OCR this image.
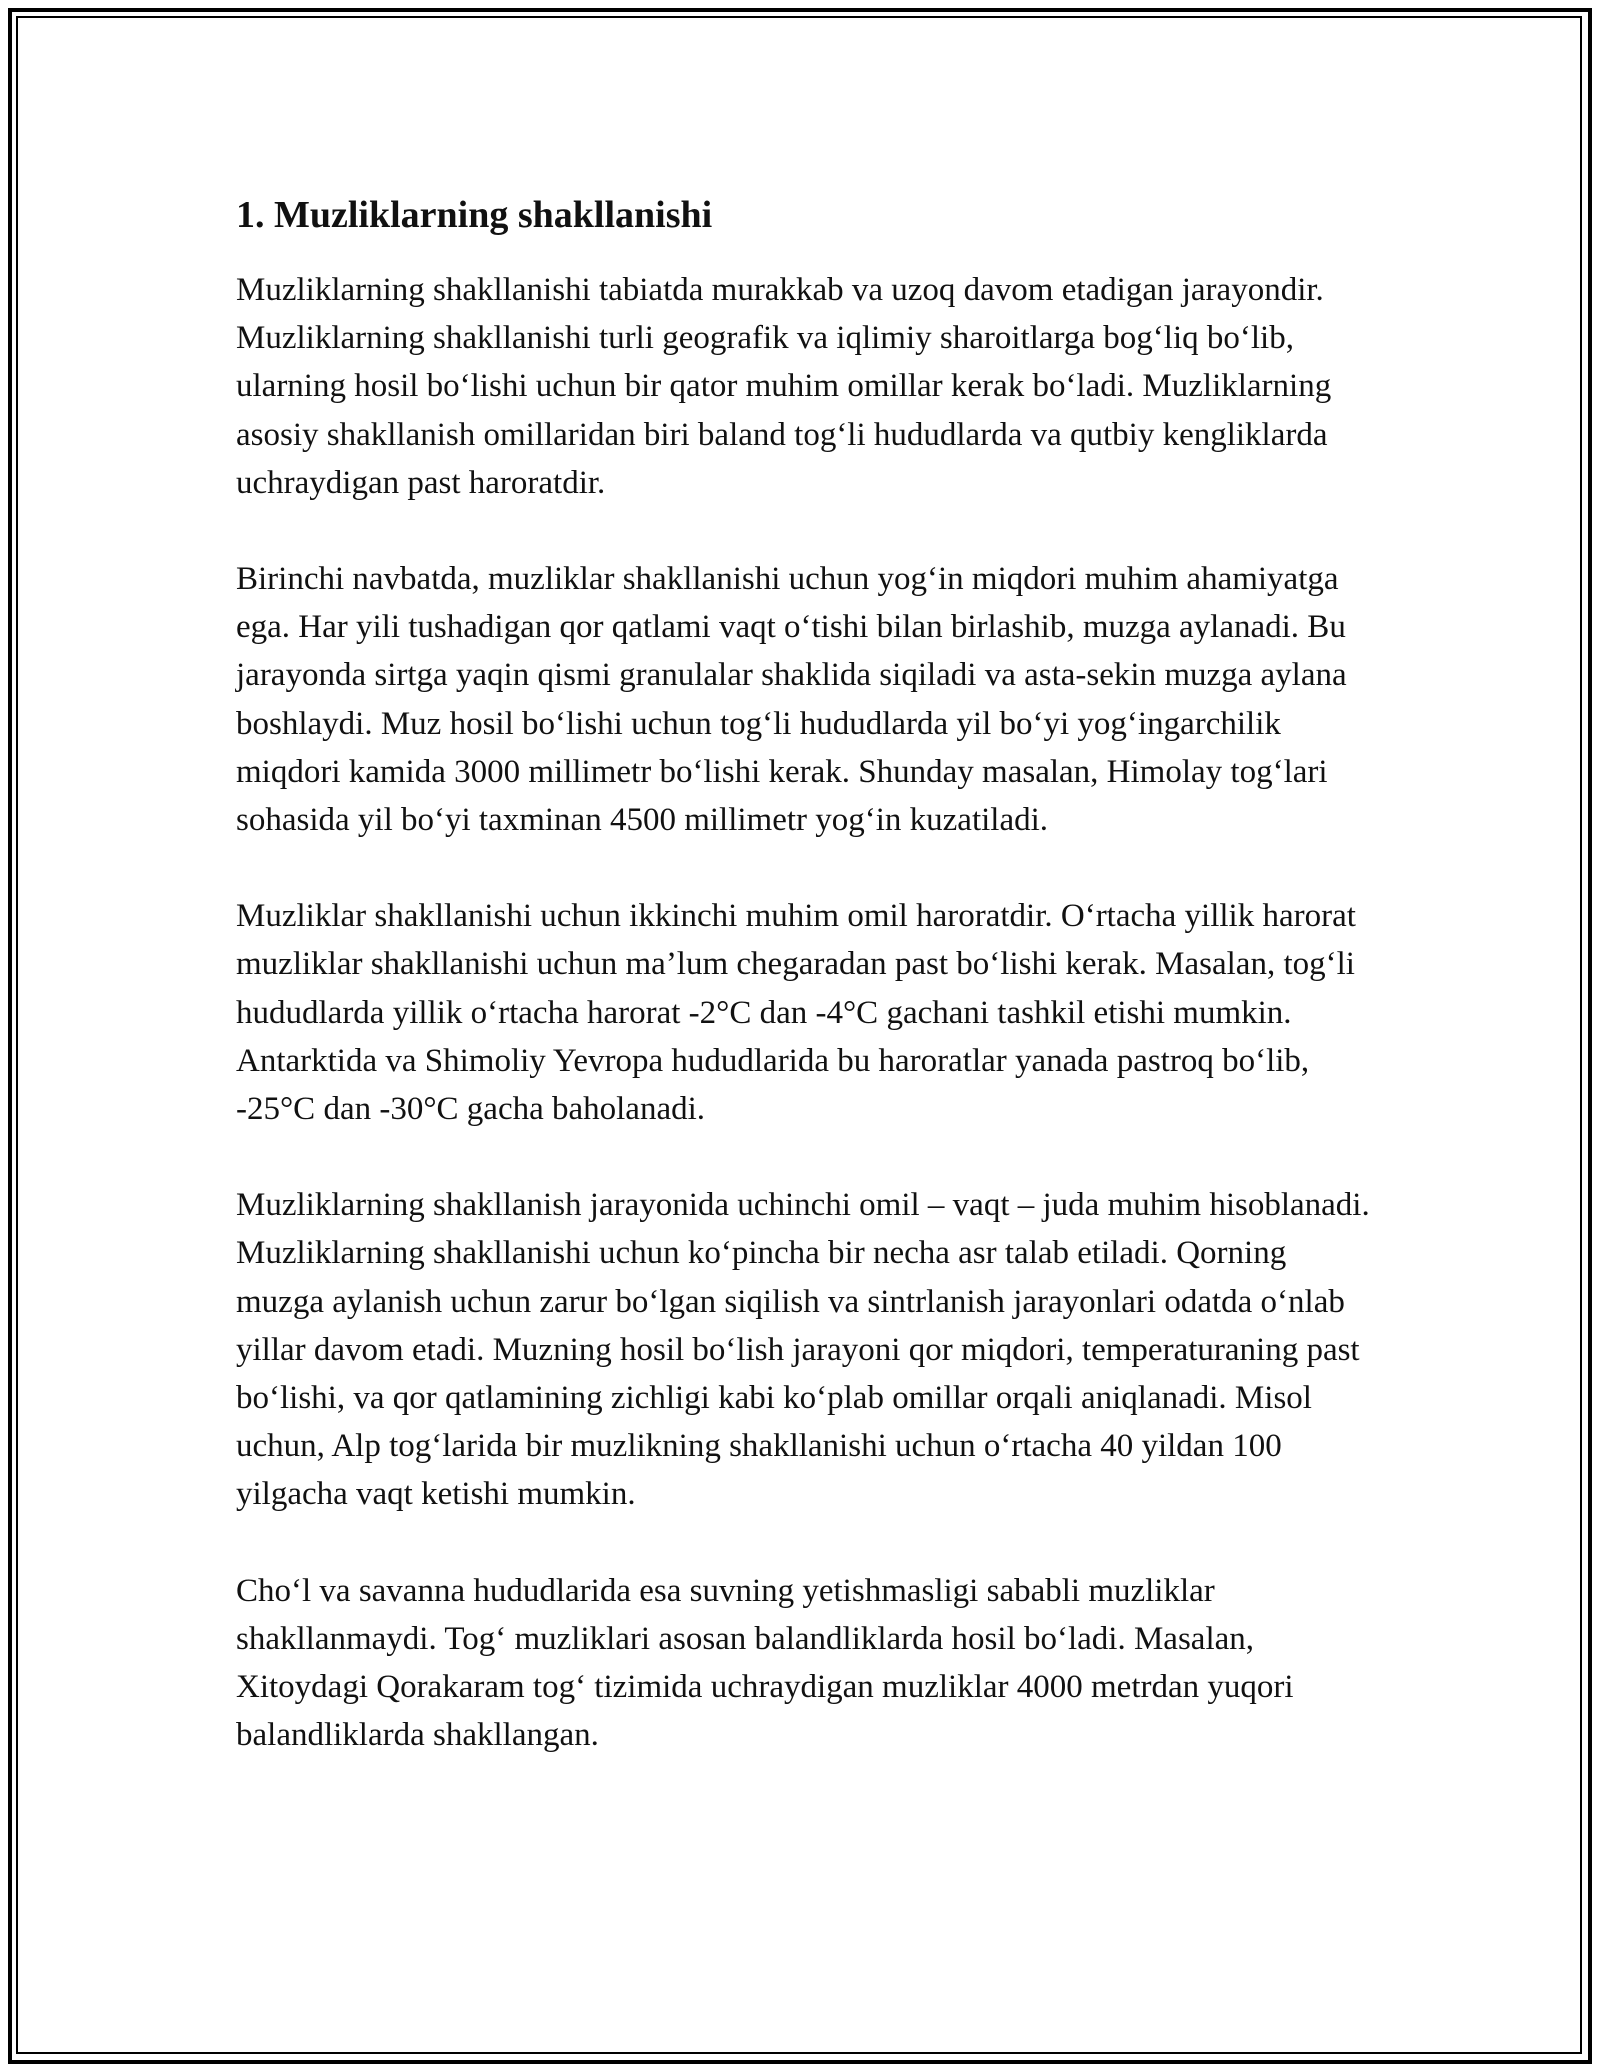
1. Muzliklarning shakllanishi

Muzliklarning shakllanishi tabiatda murakkab va uzoq davom etadigan jarayondir. Muzliklarning shakllanishi turli geografik va iqlimiy sharoitlarga bog‘liq bo‘lib, ularning hosil bo‘lishi uchun bir qator muhim omillar kerak bo‘ladi. Muzliklarning asosiy shakllanish omillaridan biri baland tog‘li hududlarda va qutbiy kengliklarda uchraydigan past haroratdir.

Birinchi navbatda, muzliklar shakllanishi uchun yog‘in miqdori muhim ahamiyatga ega. Har yili tushadigan qor qatlami vaqt o‘tishi bilan birlashib, muzga aylanadi. Bu jarayonda sirtga yaqin qismi granulalar shaklida siqiladi va asta-sekin muzga aylana boshlaydi. Muz hosil bo‘lishi uchun tog‘li hududlarda yil bo‘yi yog‘ingarchilik miqdori kamida 3000 millimetr bo‘lishi kerak. Shunday masalan, Himolay tog‘lari sohasida yil bo‘yi taxminan 4500 millimetr yog‘in kuzatiladi.

Muzliklar shakllanishi uchun ikkinchi muhim omil haroratdir. O‘rtacha yillik harorat muzliklar shakllanishi uchun ma’lum chegaradan past bo‘lishi kerak. Masalan, tog‘li hududlarda yillik o‘rtacha harorat -2°C dan -4°C gachani tashkil etishi mumkin. Antarktida va Shimoliy Yevropa hududlarida bu haroratlar yanada pastroq bo‘lib, -25°C dan -30°C gacha baholanadi.

Muzliklarning shakllanish jarayonida uchinchi omil – vaqt – juda muhim hisoblanadi. Muzliklarning shakllanishi uchun ko‘pincha bir necha asr talab etiladi. Qorning muzga aylanish uchun zarur bo‘lgan siqilish va sintrlanish jarayonlari odatda o‘nlab yillar davom etadi. Muzning hosil bo‘lish jarayoni qor miqdori, temperaturaning past bo‘lishi, va qor qatlamining zichligi kabi ko‘plab omillar orqali aniqlanadi. Misol uchun, Alp tog‘larida bir muzlikning shakllanishi uchun o‘rtacha 40 yildan 100 yilgacha vaqt ketishi mumkin.

Cho‘l va savanna hududlarida esa suvning yetishmasligi sababli muzliklar shakllanmaydi. Tog‘ muzliklari asosan balandliklarda hosil bo‘ladi. Masalan, Xitoydagi Qorakaram tog‘ tizimida uchraydigan muzliklar 4000 metrdan yuqori balandliklarda shakllangan.
